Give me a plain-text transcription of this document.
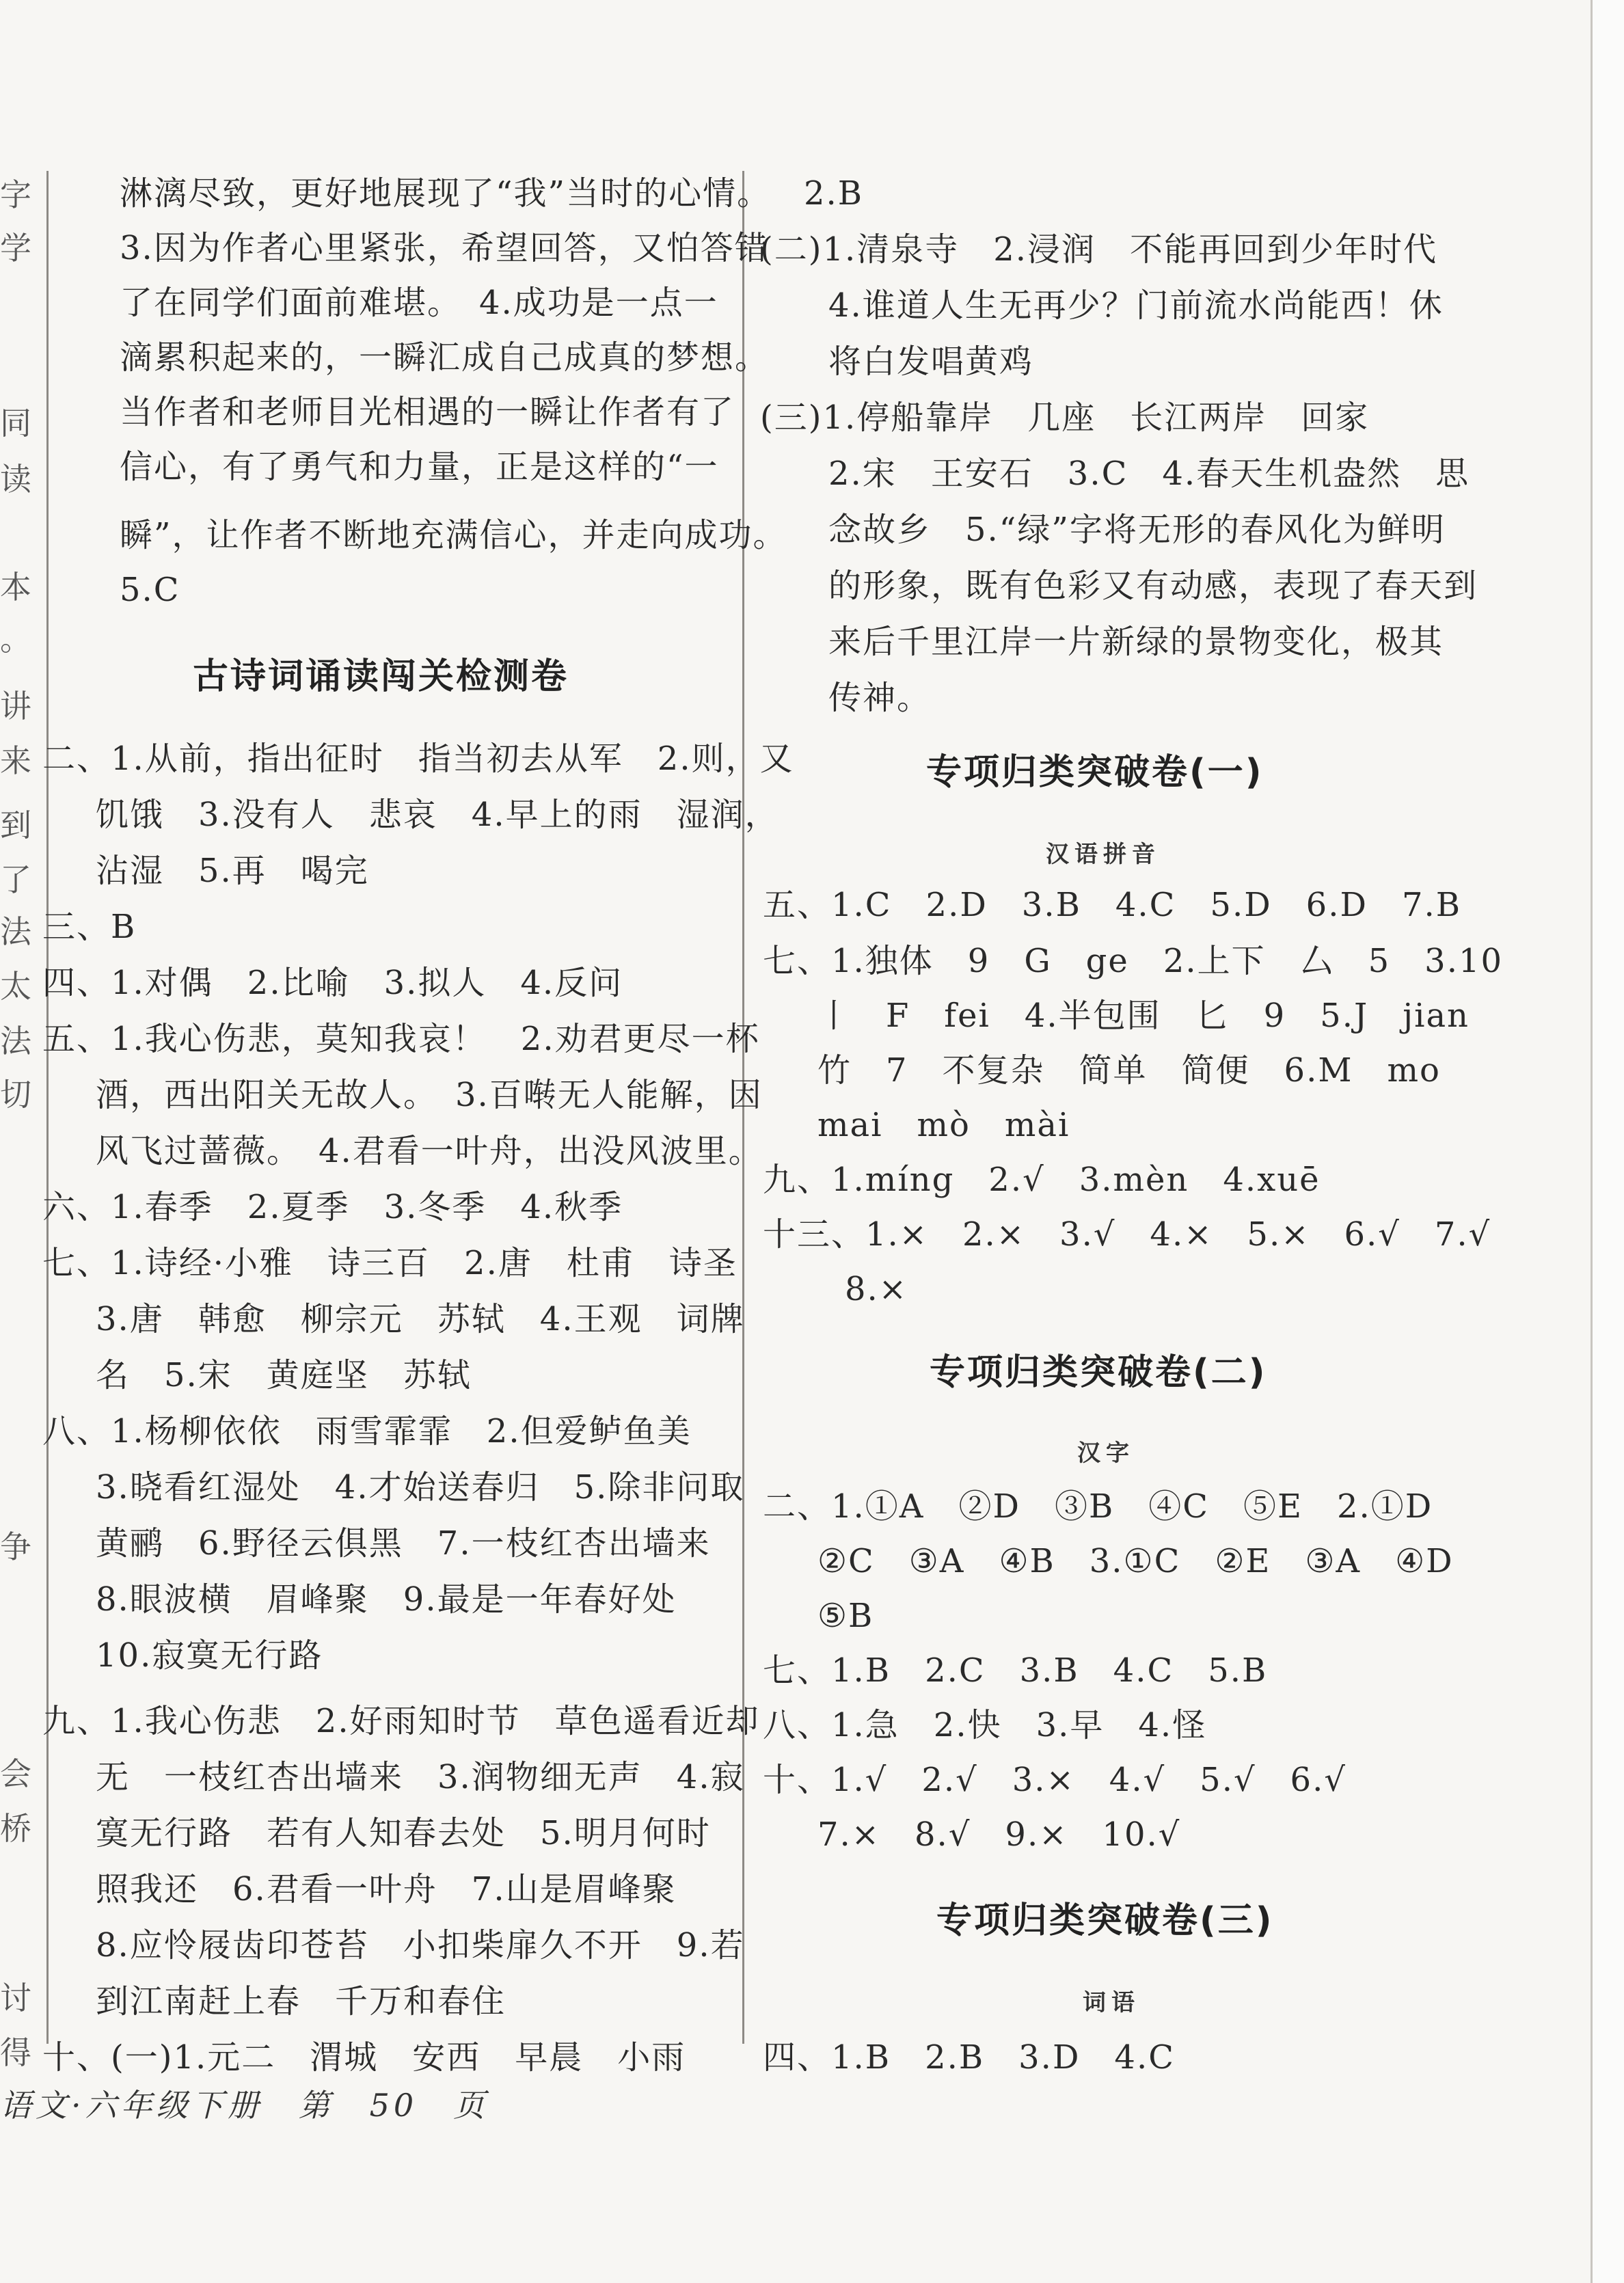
字
学
同
读
本
。
讲
来
到
了
法
太
法
切
争
会
桥
讨
得
淋漓尽致，更好地展现了“我”当时的心情。
3.因为作者心里紧张，希望回答，又怕答错
了在同学们面前难堪。　4.成功是一点一
滴累积起来的，一瞬汇成自己成真的梦想。
当作者和老师目光相遇的一瞬让作者有了
信心，有了勇气和力量，正是这样的“一
瞬”，让作者不断地充满信心，并走向成功。
5.C
古诗词诵读闯关检测卷
二、1.从前，指出征时　指当初去从军　2.则，又
饥饿　3.没有人　悲哀　4.早上的雨　湿润，
沾湿　5.再　喝完
三、B
四、1.对偶　2.比喻　3.拟人　4.反问
五、1.我心伤悲，莫知我哀！　2.劝君更尽一杯
酒，西出阳关无故人。　3.百啭无人能解，因
风飞过蔷薇。　4.君看一叶舟，出没风波里。
六、1.春季　2.夏季　3.冬季　4.秋季
七、1.诗经·小雅　诗三百　2.唐　杜甫　诗圣
3.唐　韩愈　柳宗元　苏轼　4.王观　词牌
名　5.宋　黄庭坚　苏轼
八、1.杨柳依依　雨雪霏霏　2.但爱鲈鱼美
3.晓看红湿处　4.才始送春归　5.除非问取
黄鹂　6.野径云俱黑　7.一枝红杏出墙来
8.眼波横　眉峰聚　9.最是一年春好处
10.寂寞无行路
九、1.我心伤悲　2.好雨知时节　草色遥看近却
无　一枝红杏出墙来　3.润物细无声　4.寂
寞无行路　若有人知春去处　5.明月何时
照我还　6.君看一叶舟　7.山是眉峰聚
8.应怜屐齿印苍苔　小扣柴扉久不开　9.若
到江南赶上春　千万和春住
十、(一)1.元二　渭城　安西　早晨　小雨
2.B
(二)1.清泉寺　2.浸润　不能再回到少年时代
4.谁道人生无再少？门前流水尚能西！休
将白发唱黄鸡
(三)1.停船靠岸　几座　长江两岸　回家
2.宋　王安石　3.C　4.春天生机盎然　思
念故乡　5.“绿”字将无形的春风化为鲜明
的形象，既有色彩又有动感，表现了春天到
来后千里江岸一片新绿的景物变化，极其
传神。
专项归类突破卷(一)
汉语拼音
五、1.C　2.D　3.B　4.C　5.D　6.D　7.B
七、1.独体　9　G　ge　2.上下　厶　5　3.10
丨　F　fei　4.半包围　匕　9　5.J　jian
竹　7　不复杂　简单　简便　6.M　mo
mai　mò　mài
九、1.míng　2.√　3.mèn　4.xuē
十三、1.×　2.×　3.√　4.×　5.×　6.√　7.√
8.×
专项归类突破卷(二)
汉字
二、1.①A　②D　③B　④C　⑤E　2.①D
②C　③A　④B　3.①C　②E　③A　④D
⑤B
七、1.B　2.C　3.B　4.C　5.B
八、1.急　2.快　3.早　4.怪
十、1.√　2.√　3.×　4.√　5.√　6.√
7.×　8.√　9.×　10.√
专项归类突破卷(三)
词语
四、1.B　2.B　3.D　4.C
语文·六年级下册　第　50　页
